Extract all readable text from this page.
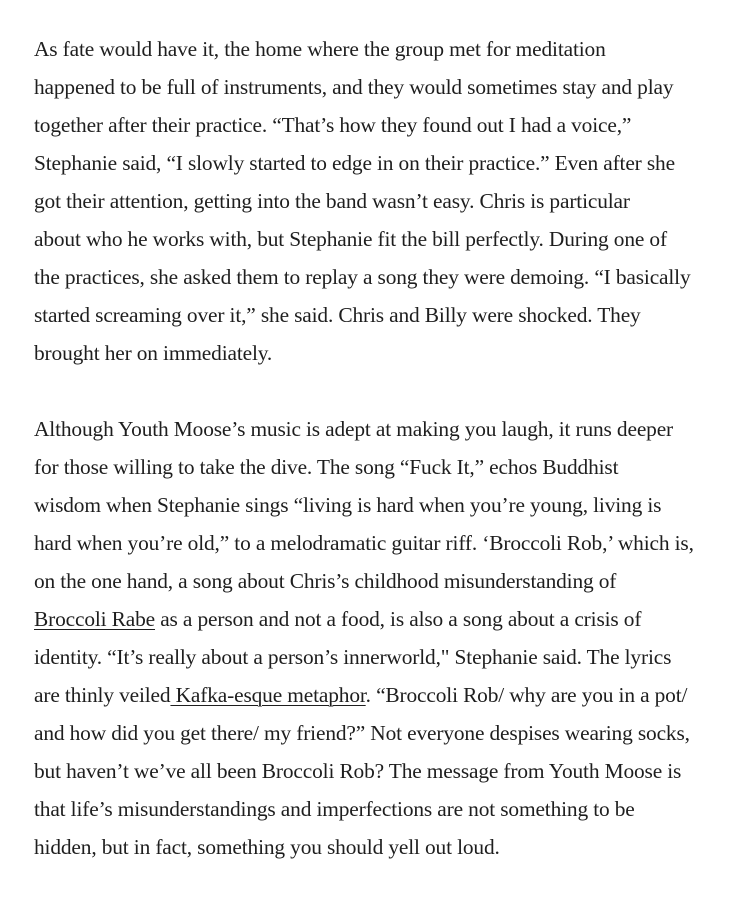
As fate would have it, the home where the group met for meditation
happened to be full of instruments, and they would sometimes stay and play
together after their practice. “That’s how they found out I had a voice,”
Stephanie said, “I slowly started to edge in on their practice.” Even after she
got their attention, getting into the band wasn’t easy. Chris is particular
about who he works with, but Stephanie fit the bill perfectly. During one of
the practices, she asked them to replay a song they were demoing. “I basically
started screaming over it,” she said. Chris and Billy were shocked. They
brought her on immediately.

Although Youth Moose’s music is adept at making you laugh, it runs deeper
for those willing to take the dive. The song “Fuck It,” echos Buddhist
wisdom when Stephanie sings “living is hard when you’re young, living is
hard when you’re old,” to a melodramatic guitar riff. ‘Broccoli Rob,’ which is,
on the one hand, a song about Chris’s childhood misunderstanding of
Broccoli Rabe as a person and not a food, is also a song about a crisis of
identity. “It’s really about a person’s innerworld," Stephanie said. The lyrics
are thinly veiled Kafka-esque metaphor. “Broccoli Rob/ why are you in a pot/
and how did you get there/ my friend?” Not everyone despises wearing socks,
but haven’t we’ve all been Broccoli Rob? The message from Youth Moose is
that life’s misunderstandings and imperfections are not something to be
hidden, but in fact, something you should yell out loud.
